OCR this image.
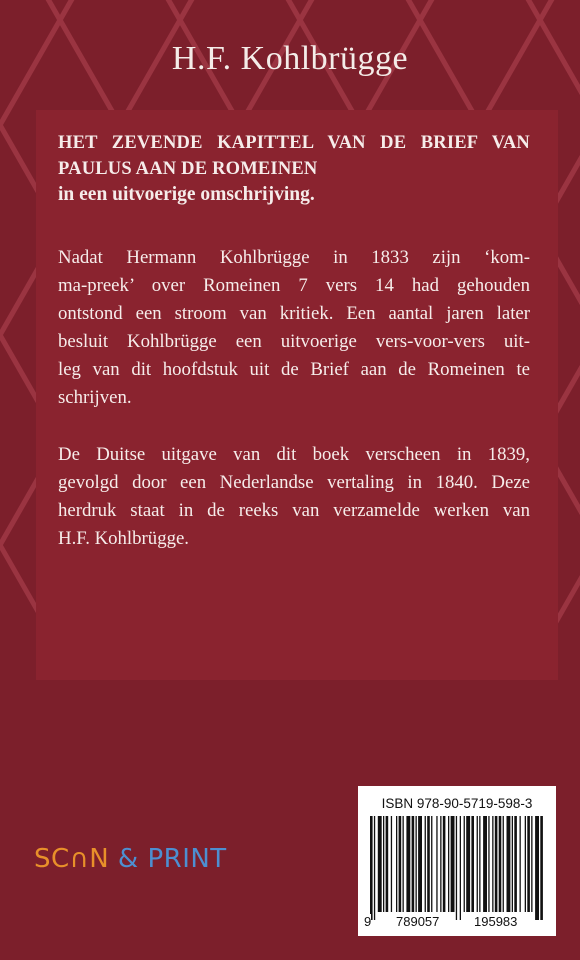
H.F. Kohlbrügge

HET ZEVENDE KAPITTEL VAN DE BRIEF VAN

PAULUS AAN DE ROMEINEN

in een uitvoerige omschrijving.

Nadat Hermann Kohlbrügge in 1833 zijn ‘kom-
ma-preek’ over Romeinen 7 vers 14 had gehouden
ontstond een stroom van kritiek. Een aantal jaren later
besluit Kohlbrügge een uitvoerige vers-voor-vers uit-
leg van dit hoofdstuk uit de Brief aan de Romeinen te
schrijven.
De Duitse uitgave van dit boek verscheen in 1839,
gevolgd door een Nederlandse vertaling in 1840. Deze
herdruk staat in de reeks van verzamelde werken van
H.F. Kohlbrügge.
SC∩N & PRINT
ISBN 978-90-5719-598-3
9 789057	195983
